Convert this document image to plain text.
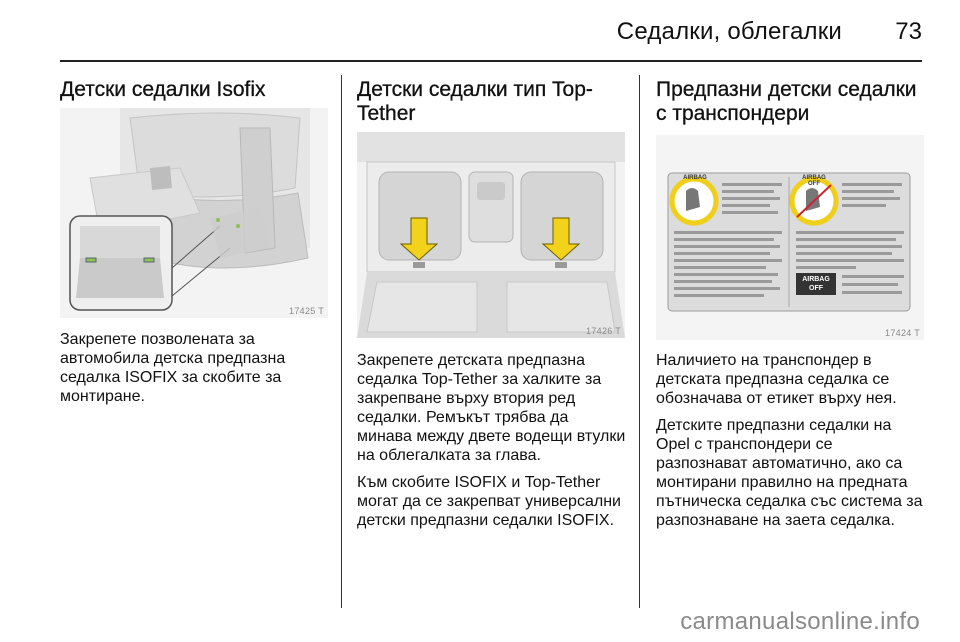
Седалки, облегалки 73
Детски седалки Isofix
17425 T

Закрепете позволената за автомобила детска предпазна седалка ISOFIX за скобите за монтиране.

Детски седалки тип Top-Tether
17426 T

Закрепете детската предпазна седалка Top-Tether за халките за закрепване върху втория ред седалки. Ремъкът трябва да минава между двете водещи втулки на облегалката за глава.

Към скобите ISOFIX и Top-Tether могат да се закрепват универсални детски предпазни седалки ISOFIX.

Предпазни детски седалки с транспондери
AIRBAG	AIRBAG OFF
AIRBAG OFF
17424 T

Наличието на транспондер в детската предпазна седалка се обозначава от етикет върху нея.

Детските предпазни седалки на Opel с транспондери се разпознават автоматично, ако са монтирани правилно на предната пътническа седалка със система за разпознаване на заета седалка.

carmanualsonline.info
